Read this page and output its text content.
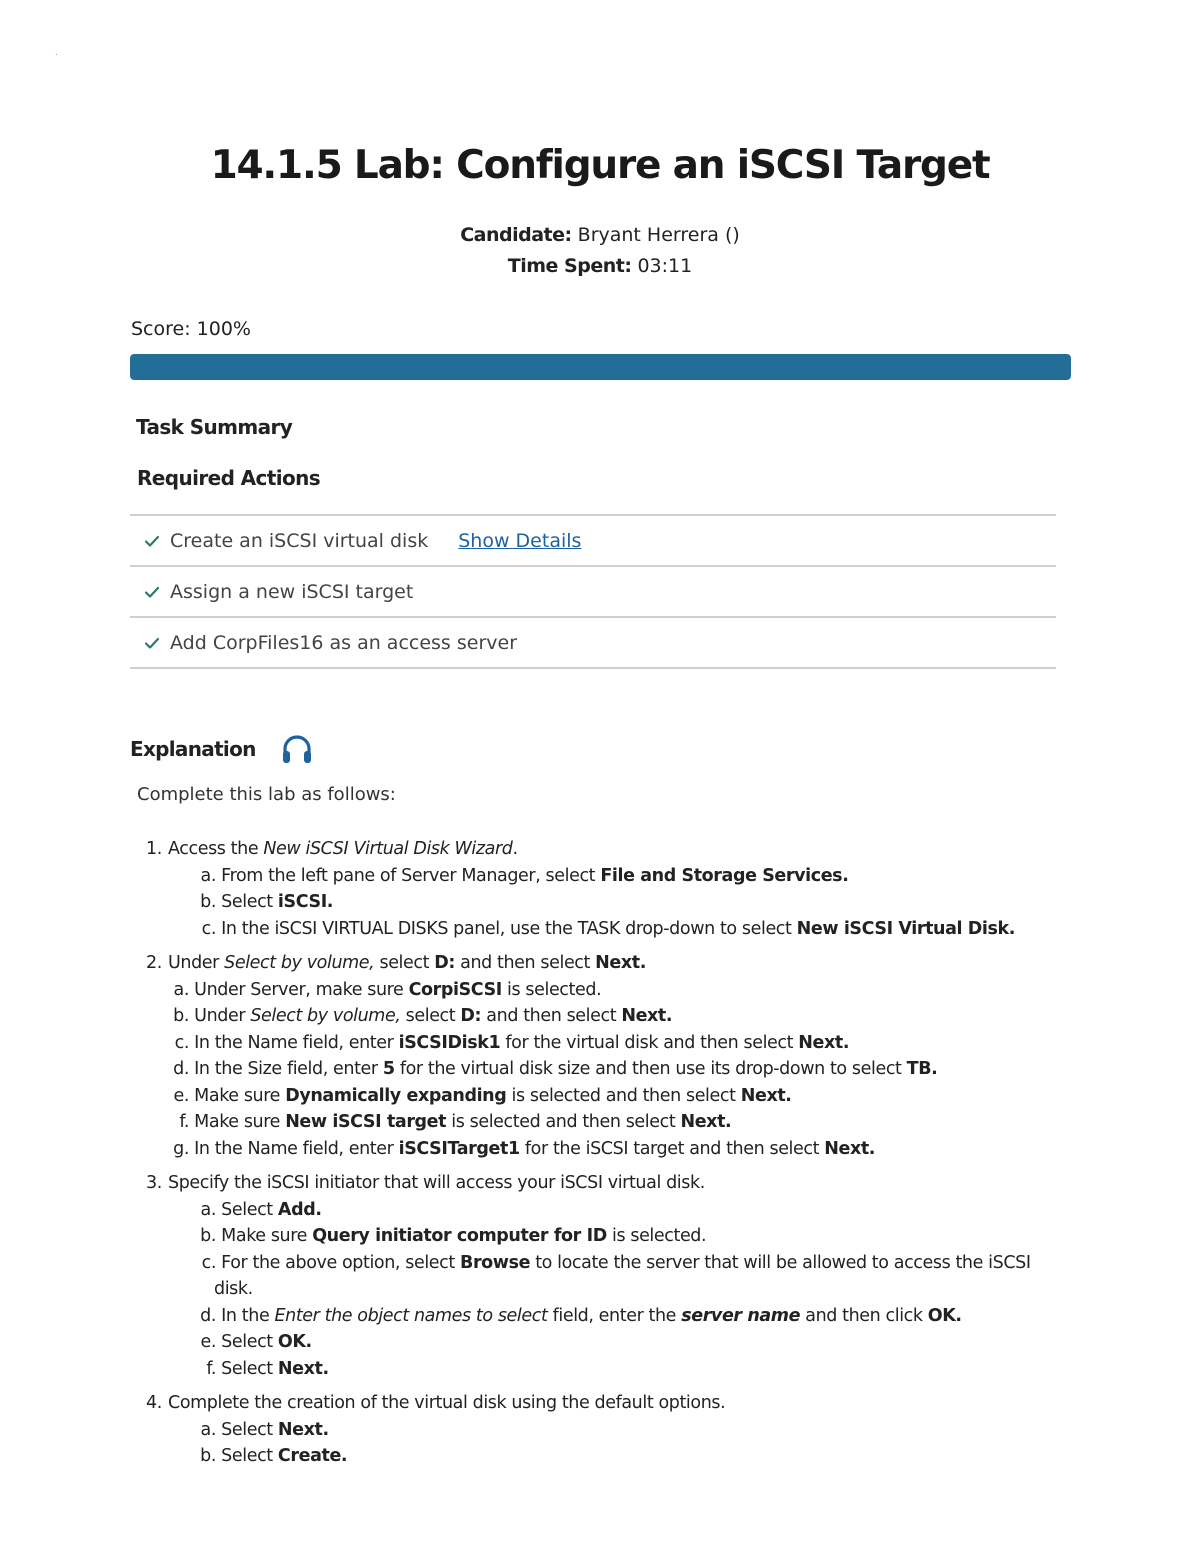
.
14.1.5 Lab: Configure an iSCSI Target
Candidate: Bryant Herrera ()
Time Spent: 03:11
Score: 100%
Task Summary
Required Actions
Create an iSCSI virtual disk Show Details
Assign a new iSCSI target
Add CorpFiles16 as an access server
Explanation
Complete this lab as follows:
1. Access the New iSCSI Virtual Disk Wizard.
a. From the left pane of Server Manager, select File and Storage Services.
b. Select iSCSI.
c. In the iSCSI VIRTUAL DISKS panel, use the TASK drop-down to select New iSCSI Virtual Disk.
2. Under Select by volume, select D: and then select Next.
a. Under Server, make sure CorpiSCSI is selected.
b. Under Select by volume, select D: and then select Next.
c. In the Name field, enter iSCSIDisk1 for the virtual disk and then select Next.
d. In the Size field, enter 5 for the virtual disk size and then use its drop-down to select TB.
e. Make sure Dynamically expanding is selected and then select Next.
f. Make sure New iSCSI target is selected and then select Next.
g. In the Name field, enter iSCSITarget1 for the iSCSI target and then select Next.
3. Specify the iSCSI initiator that will access your iSCSI virtual disk.
a. Select Add.
b. Make sure Query initiator computer for ID is selected.
c. For the above option, select Browse to locate the server that will be allowed to access the iSCSI
disk.
d. In the Enter the object names to select field, enter the server name and then click OK.
e. Select OK.
f. Select Next.
4. Complete the creation of the virtual disk using the default options.
a. Select Next.
b. Select Create.
